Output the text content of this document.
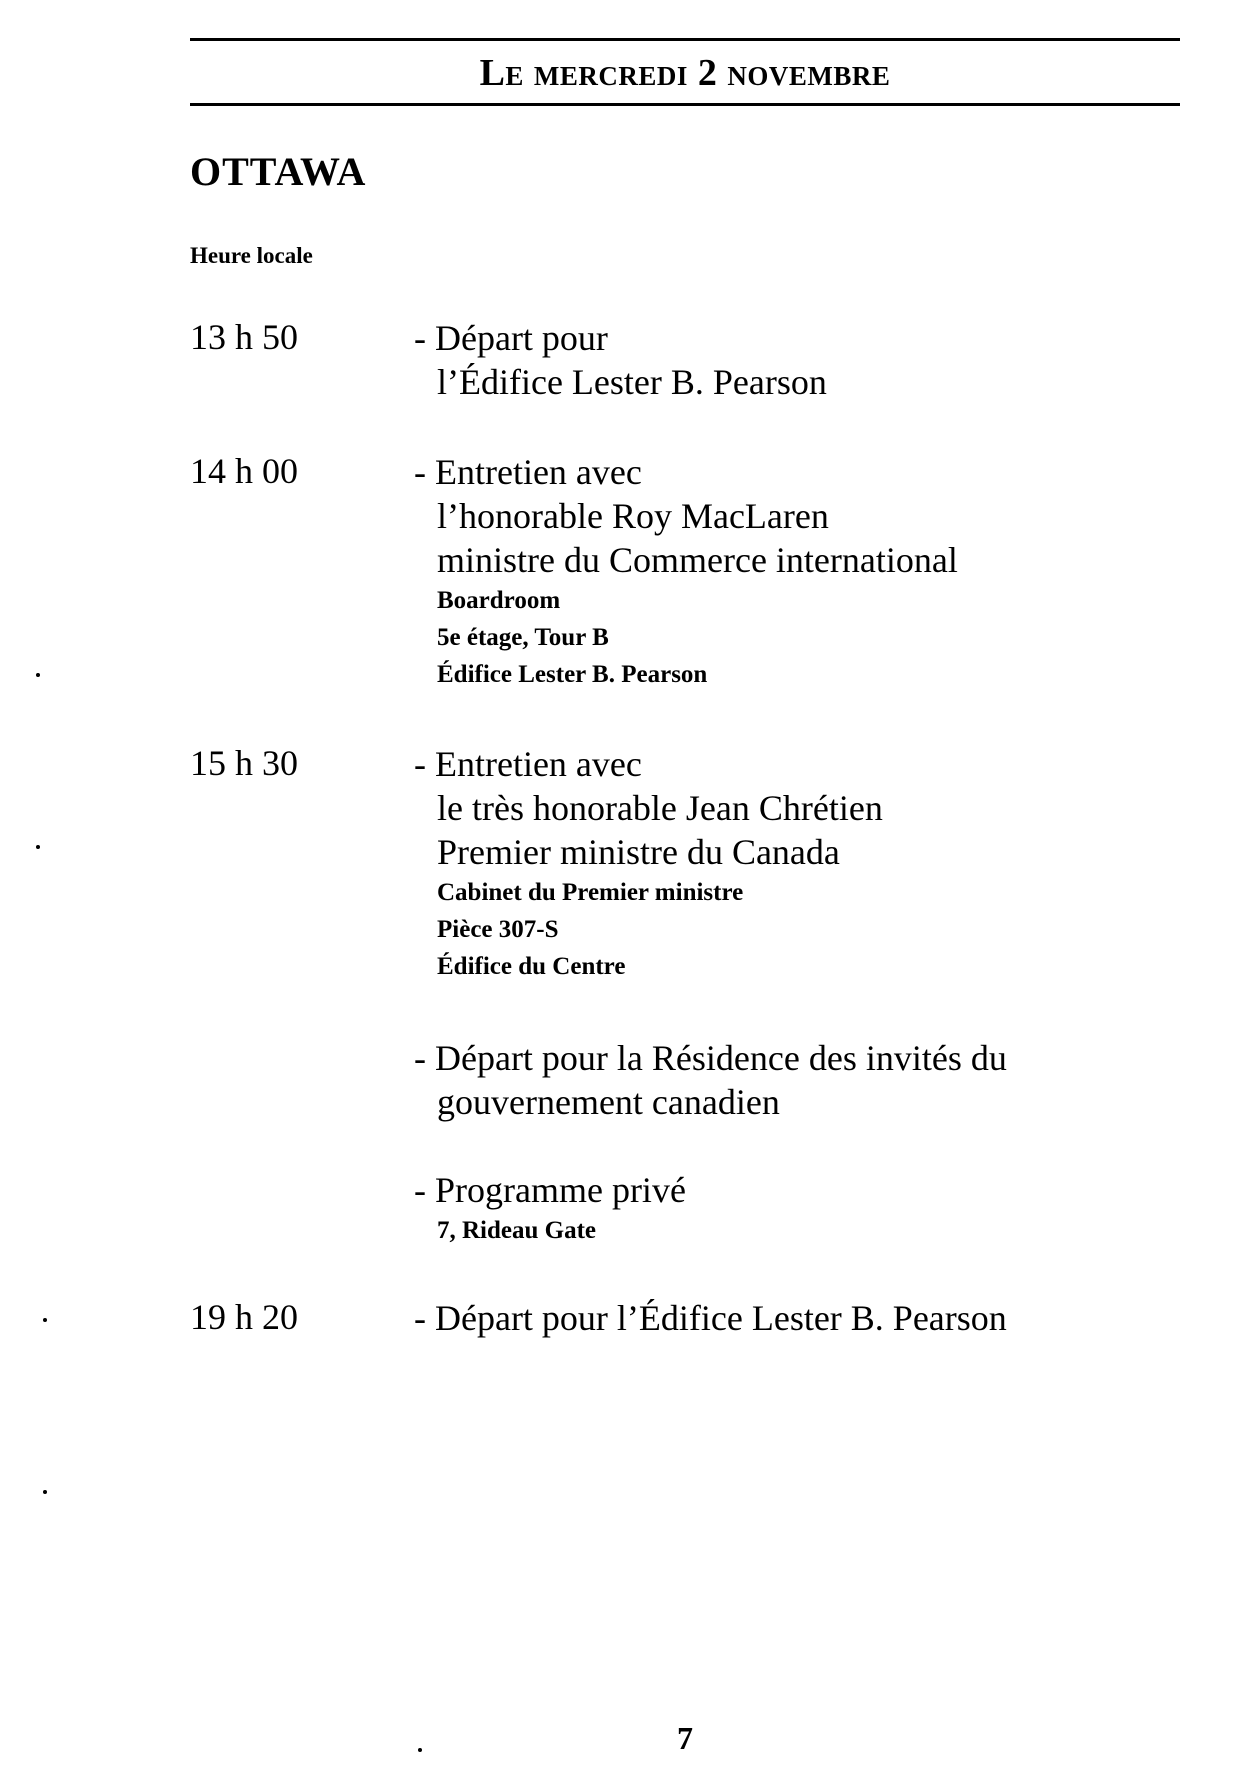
Le mercredi 2 novembre
OTTAWA
Heure locale
13 h 50	- Départ pour
l’Édifice Lester B. Pearson
14 h 00	- Entretien avec
l’honorable Roy MacLaren
ministre du Commerce international
Boardroom
5e étage, Tour B
Édifice Lester B. Pearson
15 h 30	- Entretien avec
le très honorable Jean Chrétien
Premier ministre du Canada
Cabinet du Premier ministre
Pièce 307-S
Édifice du Centre
- Départ pour la Résidence des invités du
gouvernement canadien
- Programme privé
7, Rideau Gate
19 h 20	- Départ pour l’Édifice Lester B. Pearson
7
